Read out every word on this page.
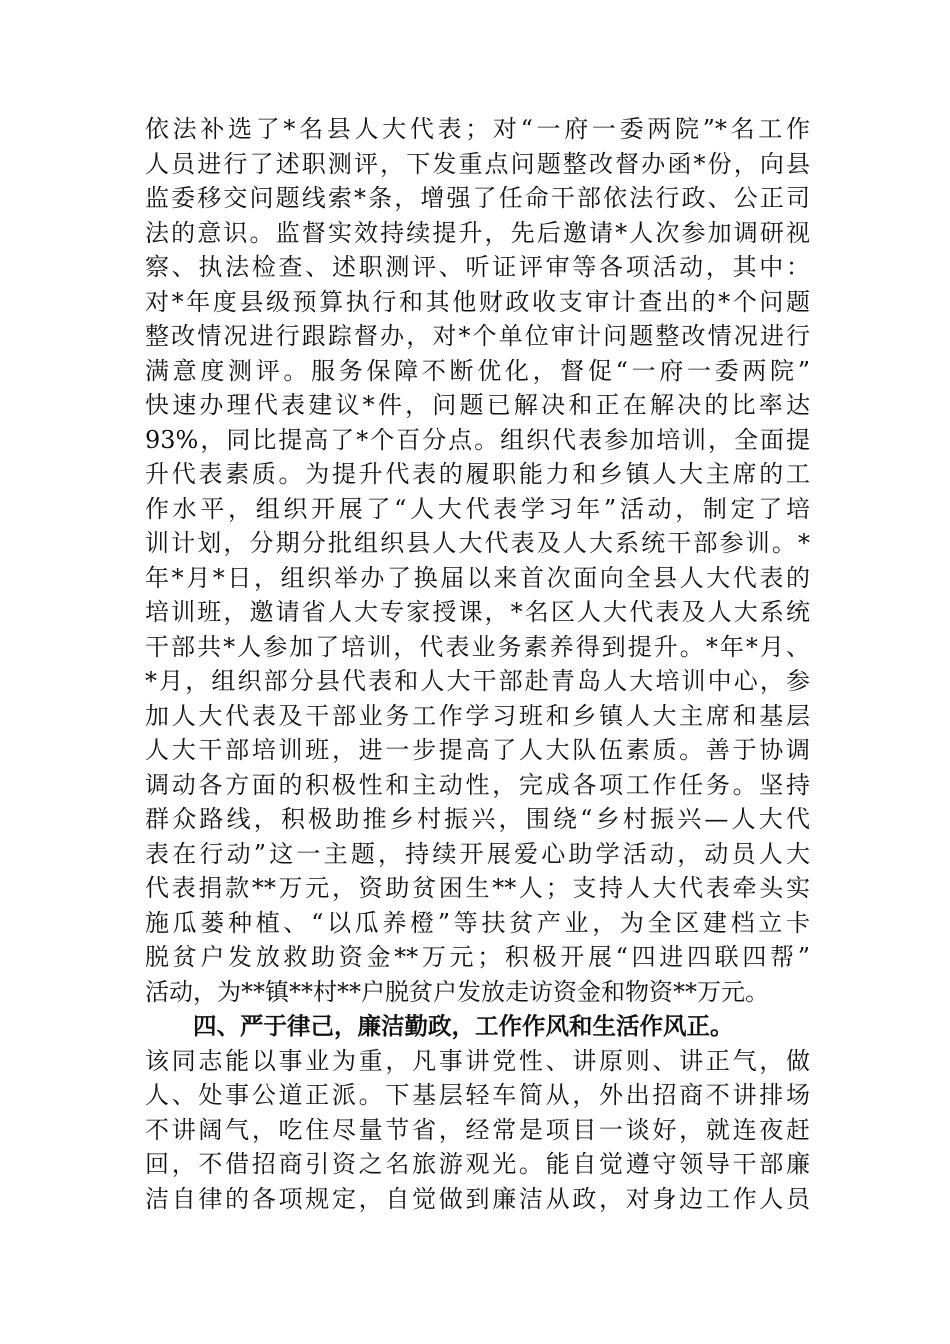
依法补选了*名县人大代表；对“一府一委两院”*名工作
人员进行了述职测评，下发重点问题整改督办函*份，向县
监委移交问题线索*条，增强了任命干部依法行政、公正司
法的意识。监督实效持续提升，先后邀请*人次参加调研视
察、执法检查、述职测评、听证评审等各项活动，其中：
对*年度县级预算执行和其他财政收支审计查出的*个问题
整改情况进行跟踪督办，对*个单位审计问题整改情况进行
满意度测评。服务保障不断优化，督促“一府一委两院”
快速办理代表建议*件，问题已解决和正在解决的比率达
93%，同比提高了*个百分点。组织代表参加培训，全面提
升代表素质。为提升代表的履职能力和乡镇人大主席的工
作水平，组织开展了“人大代表学习年”活动，制定了培
训计划，分期分批组织县人大代表及人大系统干部参训。*
年*月*日，组织举办了换届以来首次面向全县人大代表的
培训班，邀请省人大专家授课，*名区人大代表及人大系统
干部共*人参加了培训，代表业务素养得到提升。*年*月、
*月，组织部分县代表和人大干部赴青岛人大培训中心，参
加人大代表及干部业务工作学习班和乡镇人大主席和基层
人大干部培训班，进一步提高了人大队伍素质。善于协调
调动各方面的积极性和主动性，完成各项工作任务。坚持
群众路线，积极助推乡村振兴，围绕“乡村振兴—人大代
表在行动”这一主题，持续开展爱心助学活动，动员人大
代表捐款**万元，资助贫困生**人；支持人大代表牵头实
施瓜蒌种植、“以瓜养橙”等扶贫产业，为全区建档立卡
脱贫户发放救助资金**万元；积极开展“四进四联四帮”
活动，为**镇**村**户脱贫户发放走访资金和物资**万元。
四、严于律己，廉洁勤政，工作作风和生活作风正。
该同志能以事业为重，凡事讲党性、讲原则、讲正气，做
人、处事公道正派。下基层轻车简从，外出招商不讲排场
不讲阔气，吃住尽量节省，经常是项目一谈好，就连夜赶
回，不借招商引资之名旅游观光。能自觉遵守领导干部廉
洁自律的各项规定，自觉做到廉洁从政，对身边工作人员
